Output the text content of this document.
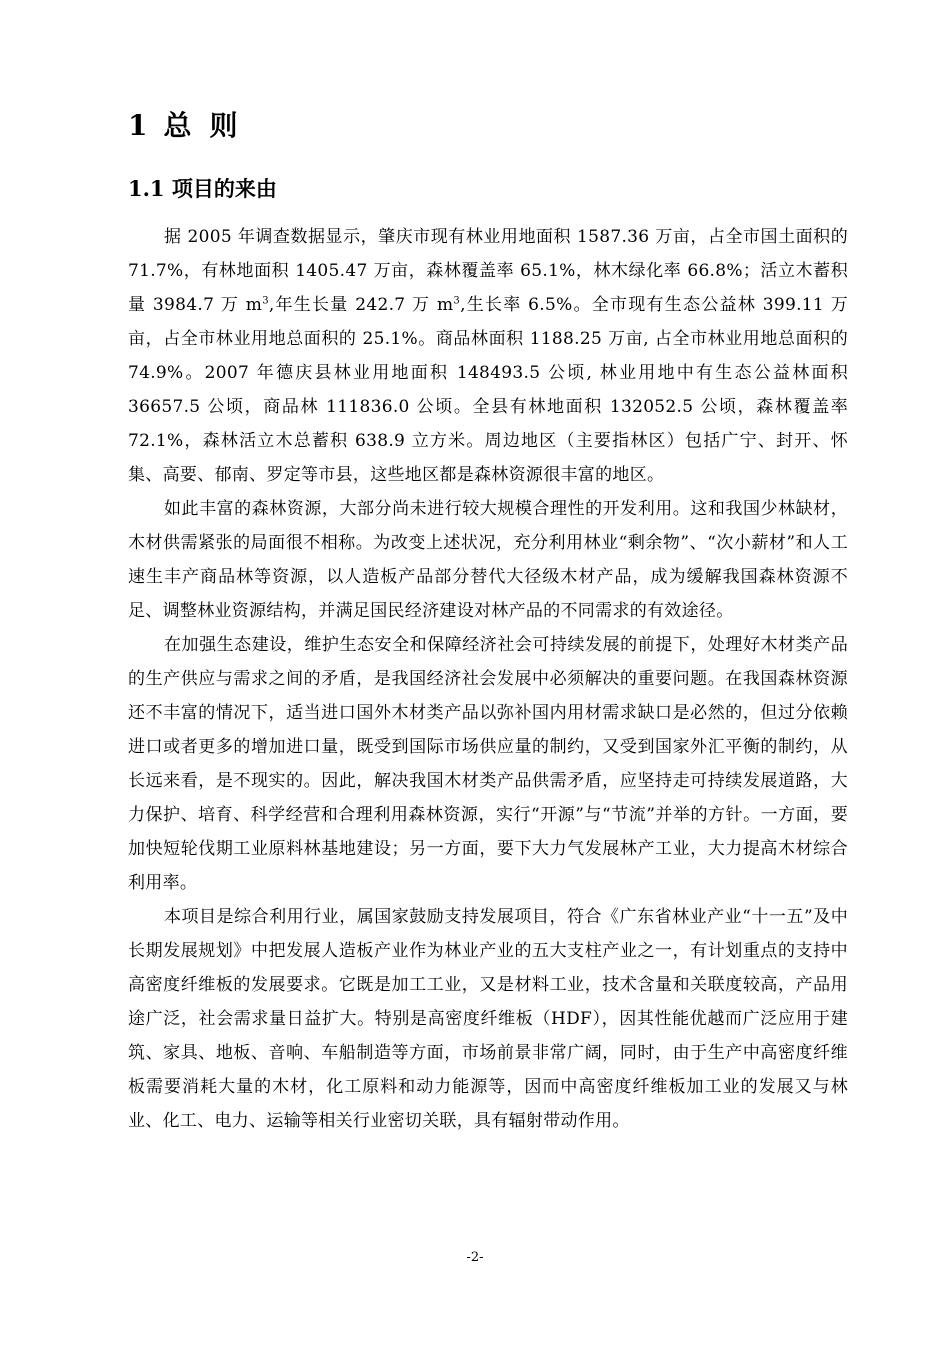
1 总 则
1.1 项目的来由

据 2005 年调查数据显示，肇庆市现有林业用地面积 1587.36 万亩，占全市国土面积的 71.7%，有林地面积 1405.47 万亩，森林覆盖率 65.1%，林木绿化率 66.8%；活立木蓄积量 3984.7 万 $m^3$,年生长量 242.7 万 $m^3$,生长率 6.5%。全市现有生态公益林 399.11 万亩，占全市林业用地总面积的 25.1%。商品林面积 1188.25 万亩, 占全市林业用地总面积的 74.9%。2007 年德庆县林业用地面积 148493.5 公顷, 林业用地中有生态公益林面积 36657.5 公顷，商品林 111836.0 公顷。全县有林地面积 132052.5 公顷，森林覆盖率 72.1%，森林活立木总蓄积 638.9 立方米。周边地区（主要指林区）包括广宁、封开、怀集、高要、郁南、罗定等市县，这些地区都是森林资源很丰富的地区。

如此丰富的森林资源，大部分尚未进行较大规模合理性的开发利用。这和我国少林缺材，木材供需紧张的局面很不相称。为改变上述状况，充分利用林业“剩余物”、“次小薪材”和人工速生丰产商品林等资源，以人造板产品部分替代大径级木材产品，成为缓解我国森林资源不足、调整林业资源结构，并满足国民经济建设对林产品的不同需求的有效途径。

在加强生态建设，维护生态安全和保障经济社会可持续发展的前提下，处理好木材类产品的生产供应与需求之间的矛盾，是我国经济社会发展中必须解决的重要问题。在我国森林资源还不丰富的情况下，适当进口国外木材类产品以弥补国内用材需求缺口是必然的，但过分依赖进口或者更多的增加进口量，既受到国际市场供应量的制约，又受到国家外汇平衡的制约，从长远来看，是不现实的。因此，解决我国木材类产品供需矛盾，应坚持走可持续发展道路，大力保护、培育、科学经营和合理利用森林资源，实行“开源”与“节流”并举的方针。一方面，要加快短轮伐期工业原料林基地建设；另一方面，要下大力气发展林产工业，大力提高木材综合利用率。

本项目是综合利用行业，属国家鼓励支持发展项目，符合《广东省林业产业“十一五”及中长期发展规划》中把发展人造板产业作为林业产业的五大支柱产业之一，有计划重点的支持中高密度纤维板的发展要求。它既是加工工业，又是材料工业，技术含量和关联度较高，产品用途广泛，社会需求量日益扩大。特别是高密度纤维板（HDF），因其性能优越而广泛应用于建筑、家具、地板、音响、车船制造等方面，市场前景非常广阔，同时，由于生产中高密度纤维板需要消耗大量的木材，化工原料和动力能源等，因而中高密度纤维板加工业的发展又与林业、化工、电力、运输等相关行业密切关联，具有辐射带动作用。

-2-
